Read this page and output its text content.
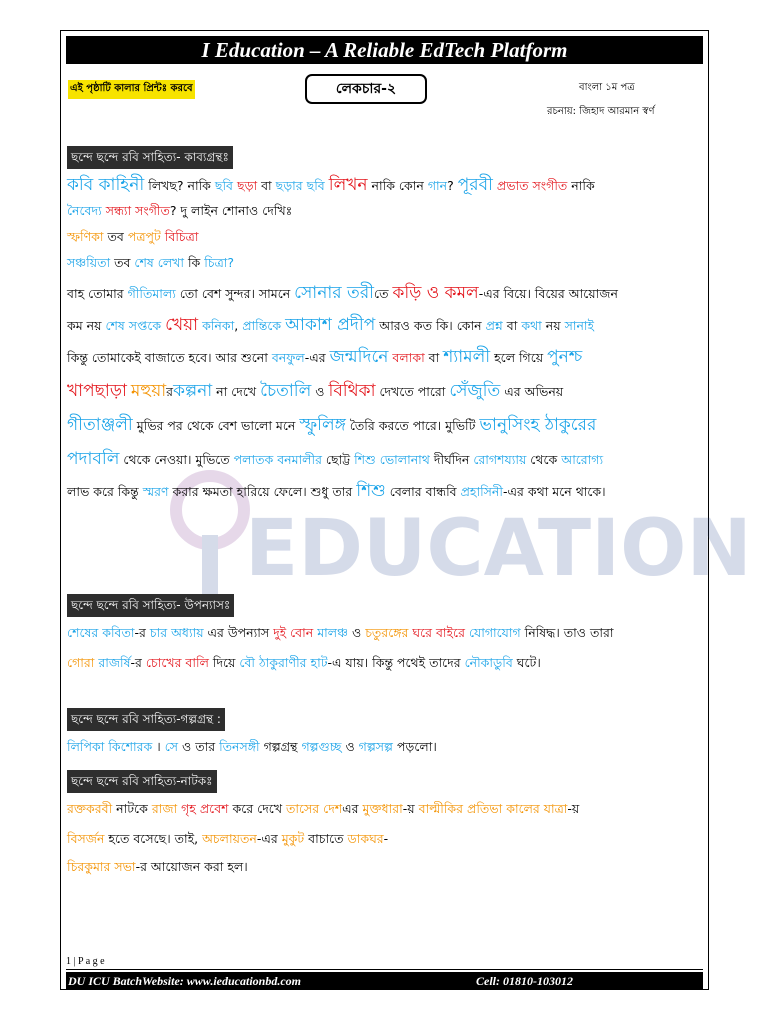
I Education – A Reliable EdTech Platform
এই পৃষ্ঠাটি কালার প্রিন্টঃ করবে	লেকচার-২	বাংলা ১ম পত্র
রচনায়: জিহাদ আরমান স্বর্ণ
EDUCATION
ছন্দে ছন্দে রবি সাহিত্য- কাব্যগ্রন্থঃ
কবি কাহিনী লিখছ? নাকি ছবি ছড়া বা ছড়ার ছবি লিখন নাকি কোন গান? পূরবী প্রভাত সংগীত নাকি
নৈবেদ্য সন্ধ্যা সংগীত? দু লাইন শোনাও দেখিঃ
স্ফণিকা তব পত্রপুট বিচিত্রা
সঞ্চয়িতা তব শেষ লেখা কি চিত্রা?
বাহ তোমার গীতিমাল্য তো বেশ সুন্দর। সামনে সোনার তরীতে কড়ি ও কমল-এর বিয়ে। বিয়ের আয়োজন
কম নয় শেষ সপ্তকে খেয়া কনিকা, প্রান্তিকে আকাশ প্রদীপ আরও কত কি। কোন প্রশ্ন বা কথা নয় সানাই
কিন্তু তোমাকেই বাজাতে হবে। আর শুনো বনফুল-এর জন্মদিনে বলাকা বা শ্যামলী হলে গিয়ে পুনশ্চ
খাপছাড়া মহুয়ারকল্পনা না দেখে চৈতালি ও বিথিকা দেখতে পারো সেঁজুতি এর অভিনয়
গীতাঞ্জলী মুভির পর থেকে বেশ ভালো মনে স্ফুলিঙ্গ তৈরি করতে পারে। মুভিটি ভানুসিংহ ঠাকুরের
পদাবলি থেকে নেওয়া। মুভিতে পলাতক বনমালীর ছোট্ট শিশু ভোলানাথ দীর্ঘদিন রোগশয্যায় থেকে আরোগ্য
লাভ করে কিন্তু স্মরণ করার ক্ষমতা হারিয়ে ফেলে। শুধু তার শিশু বেলার বান্ধবি প্রহাসিনী-এর কথা মনে থাকে।
ছন্দে ছন্দে রবি সাহিত্য- উপন্যাসঃ
শেষের কবিতা-র চার অধ্যায় এর উপন্যাস দুই বোন মালঞ্চ ও চতুরঙ্গের ঘরে বাইরে যোগাযোগ নিষিদ্ধ। তাও তারা
গোরা রাজর্ষি-র চোখের বালি দিয়ে বৌ ঠাকুরাণীর হাট-এ যায়। কিন্তু পথেই তাদের নৌকাডুবি ঘটে।
ছন্দে ছন্দে রবি সাহিত্য-গল্পগ্রন্থ :
লিপিকা কিশোরক । সে ও তার তিনসঙ্গী গল্পগ্রন্থ গল্পগুচ্ছ ও গল্পসল্প পড়লো।
ছন্দে ছন্দে রবি সাহিত্য-নাটকঃ
রক্তকরবী নাটকে রাজা গৃহ প্রবেশ করে দেখে তাসের দেশএর মুক্তধারা-য় বাল্মীকির প্রতিভা কালের যাত্রা-য়
বিসর্জন হতে বসেছে। তাই, অচলায়তন-এর মুকুট বাচাতে ডাকঘর-
চিরকুমার সভা-র আয়োজন করা হল।
1 | P a g e
DU ICU BatchWebsite: www.ieducationbd.com	Cell: 01810-103012
